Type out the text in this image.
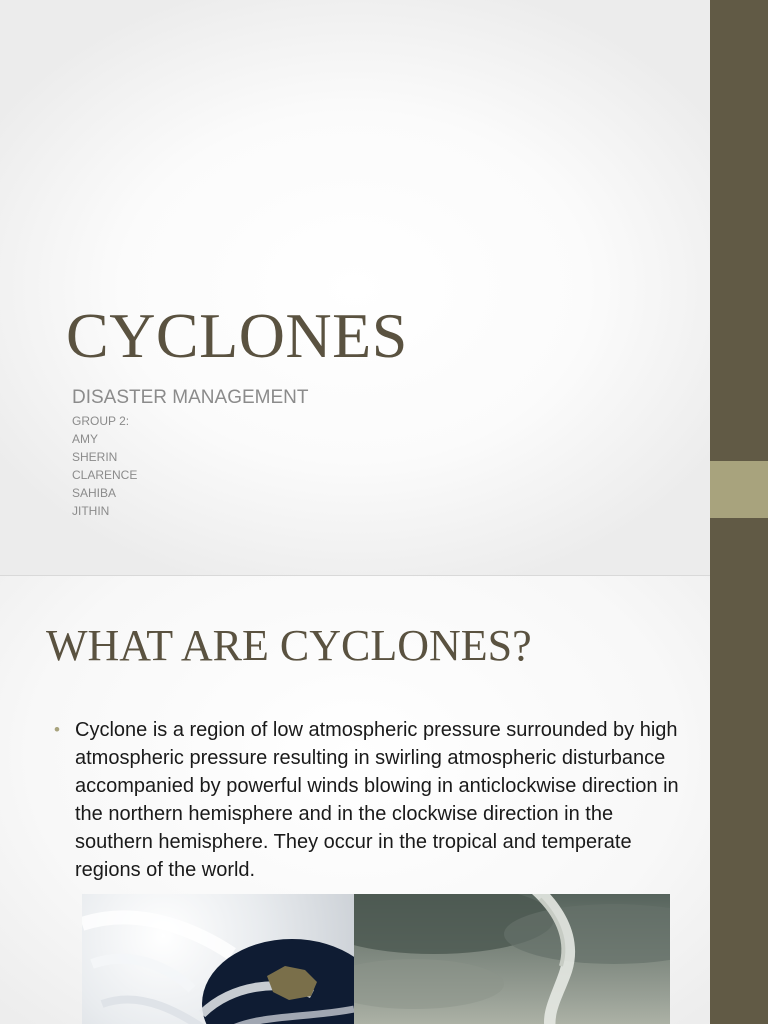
CYCLONES
DISASTER MANAGEMENT
GROUP 2:
AMY
SHERIN
CLARENCE
SAHIBA
JITHIN
WHAT ARE CYCLONES?
• Cyclone is a region of low atmospheric pressure surrounded by high atmospheric pressure resulting in swirling atmospheric disturbance accompanied by powerful winds blowing in anticlockwise direction in the northern hemisphere and in the clockwise direction in the southern hemisphere. They occur in the tropical and temperate regions of the world.
